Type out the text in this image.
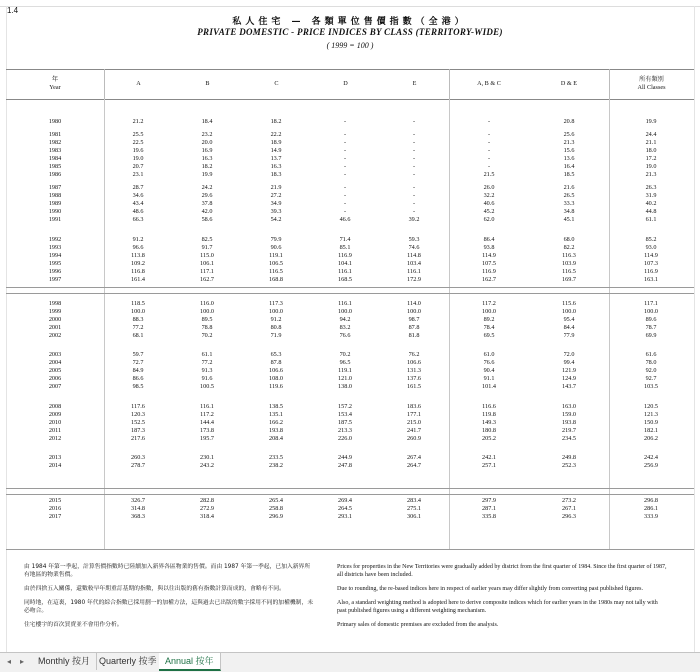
1.4
私人住宅 — 各類單位售價指數（全港）
PRIVATE DOMESTIC - PRICE INDICES BY CLASS (TERRITORY-WIDE)
( 1999 = 100 )
年
Year
A	B	C	D	E	A, B & C	D & E
所有類別
All Classes
1980	21.2	18.4	18.2	-	-	-	20.8	19.9
1981	25.5	23.2	22.2	-	-	-	25.6	24.4
1982	22.5	20.0	18.9	-	-	-	21.3	21.1
1983	19.6	16.9	14.9	-	-	-	15.6	18.0
1984	19.0	16.3	13.7	-	-	-	13.6	17.2
1985	20.7	18.2	16.3	-	-	-	16.4	19.0
1986	23.1	19.9	18.3	-	-	21.5	18.5	21.3
1987	28.7	24.2	21.9	-	-	26.0	21.6	26.3
1988	34.6	29.6	27.2	-	-	32.2	26.5	31.9
1989	43.4	37.8	34.9	-	-	40.6	33.3	40.2
1990	48.6	42.0	39.3	-	-	45.2	34.8	44.8
1991	66.3	58.6	54.2	46.6	39.2	62.0	45.1	61.1
1992	91.2	82.5	79.9	71.4	59.3	86.4	68.0	85.2
1993	96.6	91.7	90.6	85.1	74.6	93.8	82.2	93.0
1994	113.8	115.0	119.1	116.9	114.8	114.9	116.3	114.9
1995	109.2	106.1	106.5	104.1	103.4	107.5	103.9	107.3
1996	116.8	117.1	116.5	116.1	116.1	116.9	116.5	116.9
1997	161.4	162.7	168.8	168.5	172.9	162.7	169.7	163.1
1998	118.5	116.0	117.3	116.1	114.0	117.2	115.6	117.1
1999	100.0	100.0	100.0	100.0	100.0	100.0	100.0	100.0
2000	88.3	89.5	91.2	94.2	98.7	89.2	95.4	89.6
2001	77.2	78.8	80.8	83.2	87.8	78.4	84.4	78.7
2002	68.1	70.2	71.9	76.6	81.8	69.5	77.9	69.9
2003	59.7	61.1	65.3	70.2	76.2	61.0	72.0	61.6
2004	72.7	77.2	87.8	96.5	106.6	76.6	99.4	78.0
2005	84.9	91.3	106.6	119.1	131.3	90.4	121.9	92.0
2006	86.6	91.6	108.0	121.0	137.6	91.1	124.9	92.7
2007	98.5	100.5	119.6	138.0	161.5	101.4	143.7	103.5
2008	117.6	116.1	138.5	157.2	183.6	116.6	163.0	120.5
2009	120.3	117.2	135.1	153.4	177.1	119.8	159.0	121.3
2010	152.5	144.4	166.2	187.5	215.0	149.3	193.8	150.9
2011	187.3	173.8	193.8	213.3	241.7	180.8	219.7	182.1
2012	217.6	195.7	208.4	226.0	260.9	205.2	234.5	206.2
2013	260.3	230.1	233.5	244.9	267.4	242.1	249.8	242.4
2014	278.7	243.2	238.2	247.8	264.7	257.1	252.3	256.9
2015	326.7	282.8	265.4	269.4	283.4	297.9	273.2	296.8
2016	314.8	272.9	258.8	264.5	275.1	287.1	267.1	286.1
2017	368.3	318.4	296.9	293.1	306.1	335.8	296.3	333.9
由 1984 年第一季起，計算售價指數時已陸續加入新界各區物業的售價。而由 1987 年第一季起，已加入新界所有地區的物業售價。
由於四捨五入關係，還數較早年期重訂基期的指數，與以往出版的舊有指數計算而成的，會略有不同。
同時地，在這裏，1980 年代的綜合指數已採用劃一的加權方法，這與過去已出版的數字採用不同的加權機制，未必吻合。
住宅樓宇的首次買賣並不會用作分析。
Prices for properties in the New Territories were gradually added by district from the first quarter of 1984. Since the first quarter of 1987, all districts have been included.
Due to rounding, the re-based indices here in respect of earlier years may differ slightly from converting past published figures.
Also, a standard weighting method is adopted here to derive composite indices which for earlier years in the 1980s may not tally with past published figures using a different weighting mechanism.
Primary sales of domestic premises are excluded from the analysis.
◂	▸	Monthly 按月 Quarterly 按季 Annual 按年
